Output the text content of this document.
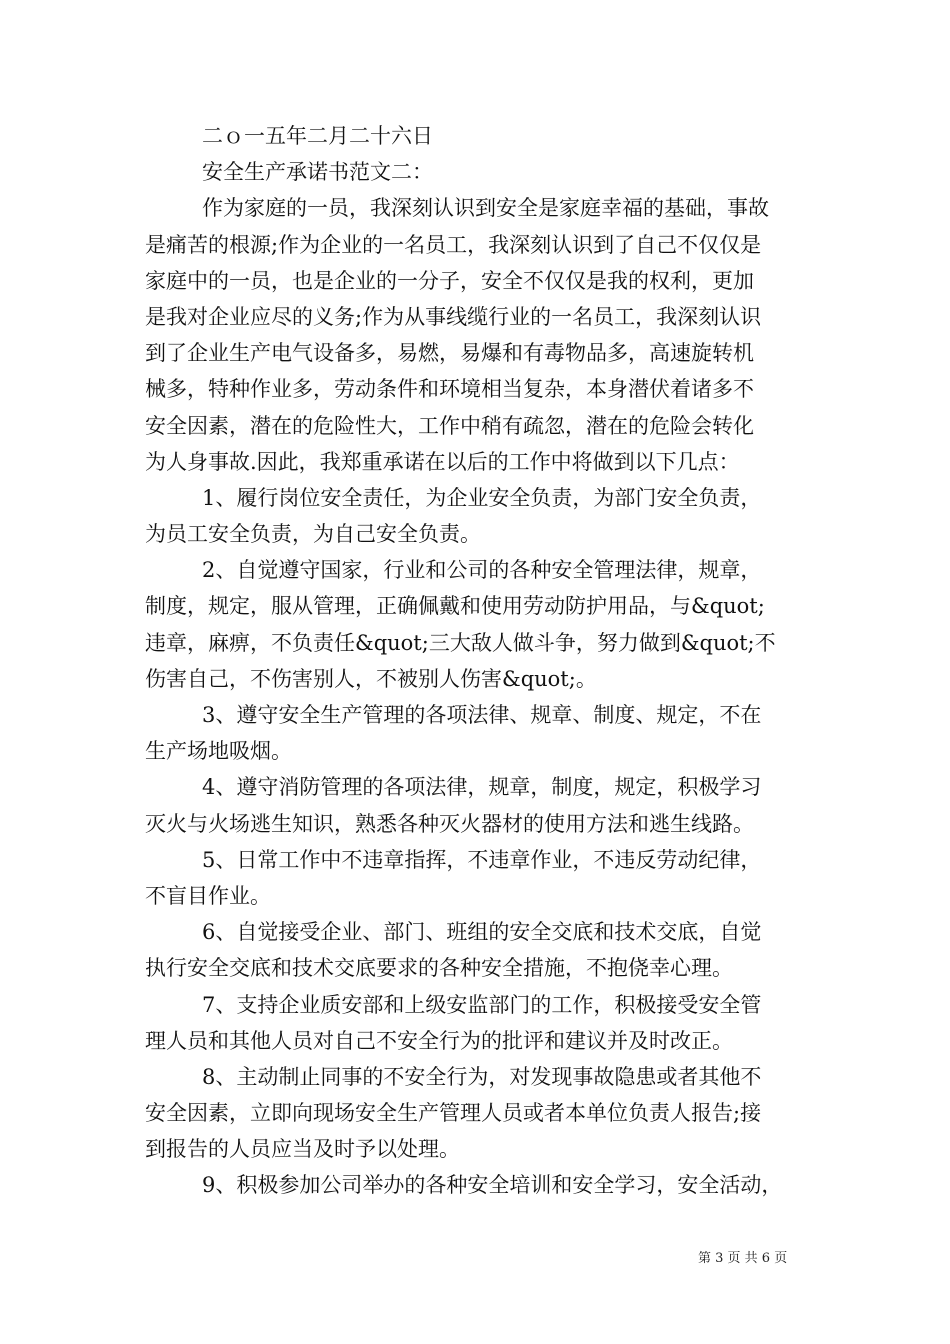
二ｏ一五年二月二十六日
安全生产承诺书范文二：
作为家庭的一员，我深刻认识到安全是家庭幸福的基础，事故
是痛苦的根源;作为企业的一名员工，我深刻认识到了自己不仅仅是
家庭中的一员，也是企业的一分子，安全不仅仅是我的权利，更加
是我对企业应尽的义务;作为从事线缆行业的一名员工，我深刻认识
到了企业生产电气设备多，易燃，易爆和有毒物品多，高速旋转机
械多，特种作业多，劳动条件和环境相当复杂，本身潜伏着诸多不
安全因素，潜在的危险性大，工作中稍有疏忽，潜在的危险会转化
为人身事故.因此，我郑重承诺在以后的工作中将做到以下几点：
1、履行岗位安全责任，为企业安全负责，为部门安全负责，
为员工安全负责，为自己安全负责。
2、自觉遵守国家，行业和公司的各种安全管理法律，规章，
制度，规定，服从管理，正确佩戴和使用劳动防护用品，与&quot;
违章，麻痹，不负责任&quot;三大敌人做斗争，努力做到&quot;不
伤害自己，不伤害别人，不被别人伤害&quot;。
3、遵守安全生产管理的各项法律、规章、制度、规定，不在
生产场地吸烟。
4、遵守消防管理的各项法律，规章，制度，规定，积极学习
灭火与火场逃生知识，熟悉各种灭火器材的使用方法和逃生线路。
5、日常工作中不违章指挥，不违章作业，不违反劳动纪律，
不盲目作业。
6、自觉接受企业、部门、班组的安全交底和技术交底，自觉
执行安全交底和技术交底要求的各种安全措施，不抱侥幸心理。
7、支持企业质安部和上级安监部门的工作，积极接受安全管
理人员和其他人员对自己不安全行为的批评和建议并及时改正。
8、主动制止同事的不安全行为，对发现事故隐患或者其他不
安全因素，立即向现场安全生产管理人员或者本单位负责人报告;接
到报告的人员应当及时予以处理。
9、积极参加公司举办的各种安全培训和安全学习，安全活动，
第 3 页 共 6 页
